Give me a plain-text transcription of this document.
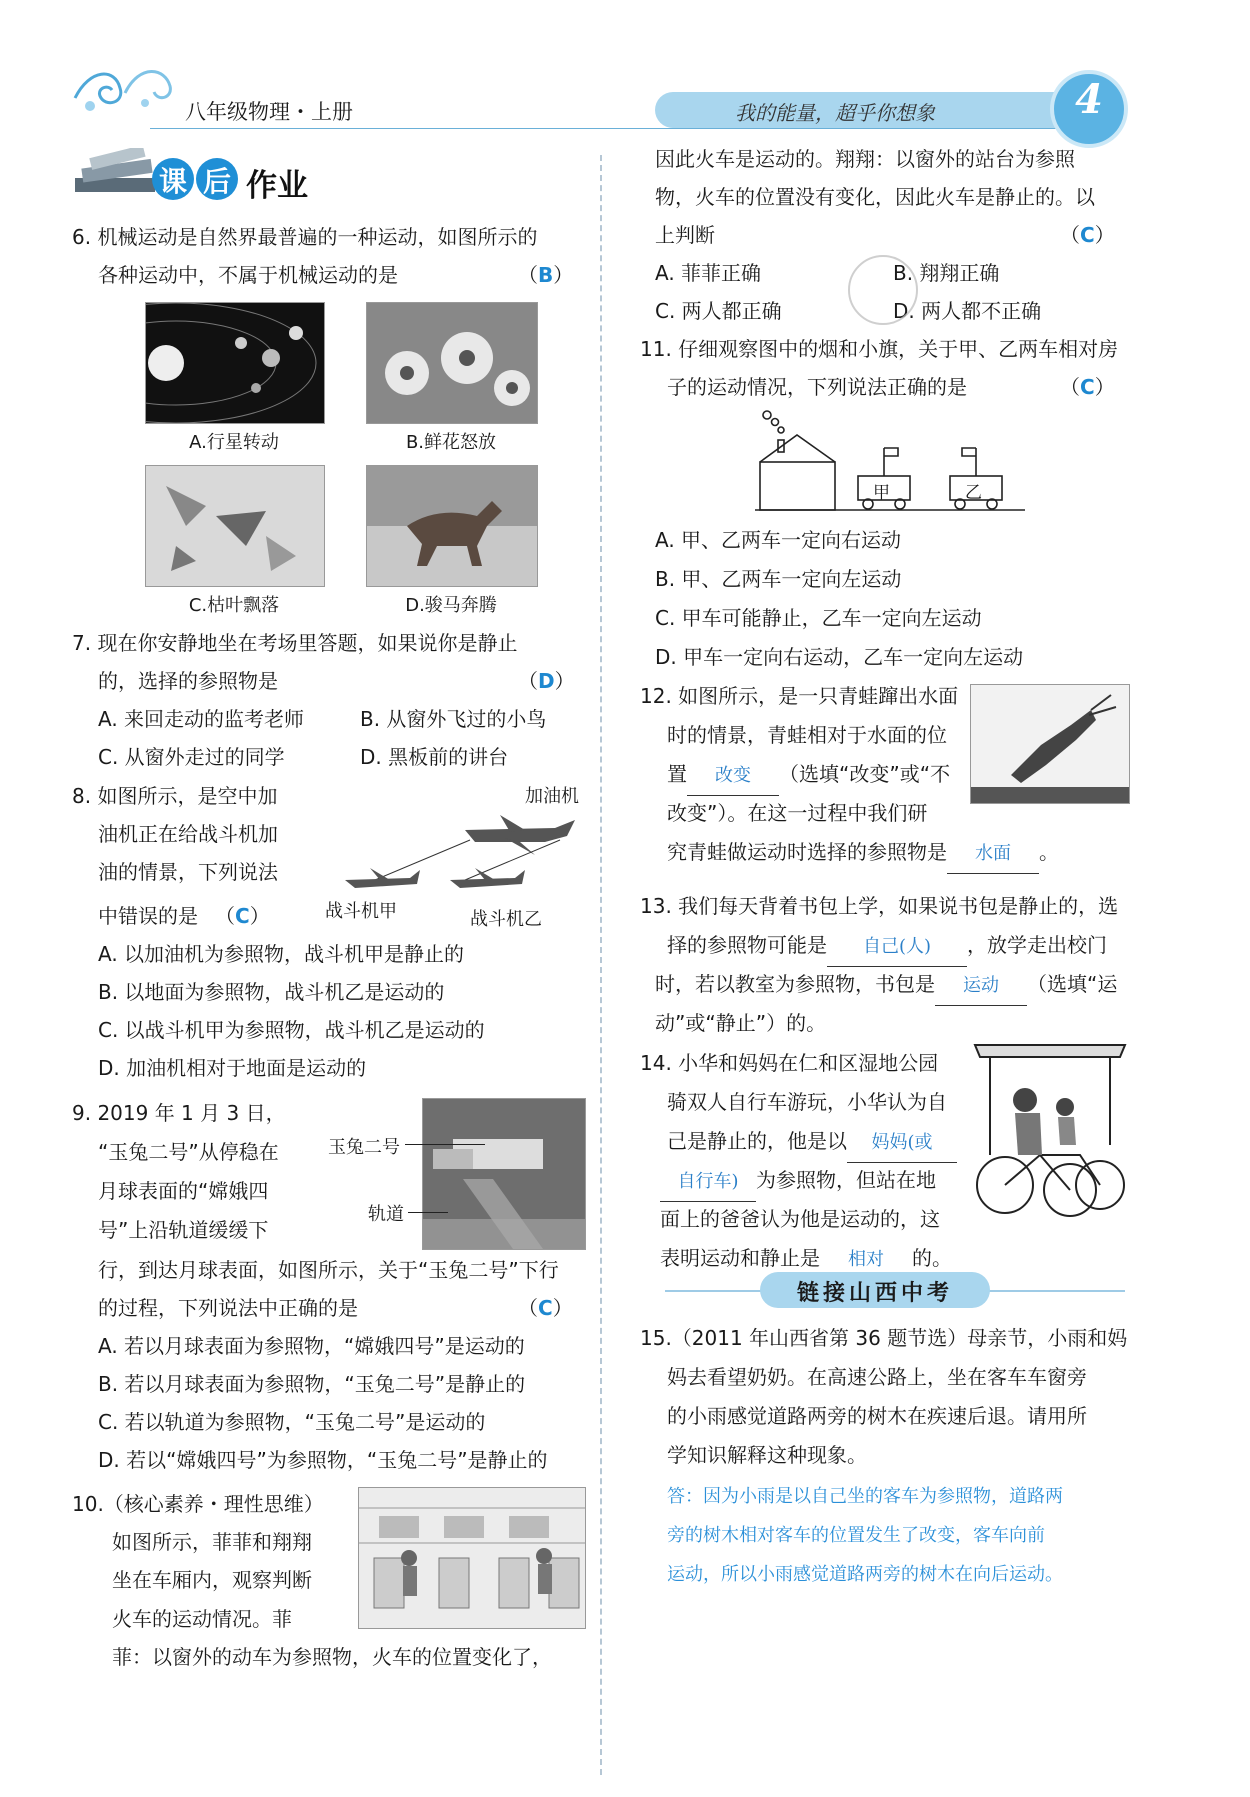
八年级物理・上册	我的能量，超乎你想象	4
课 后 作业
6. 机械运动是自然界最普遍的一种运动，如图所示的
各种运动中，不属于机械运动的是	（B）
A.行星转动	B.鲜花怒放
C.枯叶飘落	D.骏马奔腾
7. 现在你安静地坐在考场里答题，如果说你是静止
的，选择的参照物是	（D）
A. 来回走动的监考老师	B. 从窗外飞过的小鸟
C. 从窗外走过的同学	D. 黑板前的讲台
8. 如图所示，是空中加
油机正在给战斗机加
油的情景，下列说法
中错误的是 （C）
加油机
战斗机甲	战斗机乙
A. 以加油机为参照物，战斗机甲是静止的
B. 以地面为参照物，战斗机乙是运动的
C. 以战斗机甲为参照物，战斗机乙是运动的
D. 加油机相对于地面是运动的
9. 2019 年 1 月 3 日，
“玉兔二号”从停稳在
月球表面的“嫦娥四
号”上沿轨道缓缓下
玉兔二号
轨道
行，到达月球表面，如图所示，关于“玉兔二号”下行
的过程，下列说法中正确的是	（C）
A. 若以月球表面为参照物，“嫦娥四号”是运动的
B. 若以月球表面为参照物，“玉兔二号”是静止的
C. 若以轨道为参照物，“玉兔二号”是运动的
D. 若以“嫦娥四号”为参照物，“玉兔二号”是静止的
10.（核心素养・理性思维）
如图所示，菲菲和翔翔
坐在车厢内，观察判断
火车的运动情况。菲
菲：以窗外的动车为参照物，火车的位置变化了，
因此火车是运动的。翔翔：以窗外的站台为参照
物，火车的位置没有变化，因此火车是静止的。以
上判断	（C）
A. 菲菲正确	B. 翔翔正确
C. 两人都正确	D. 两人都不正确
11. 仔细观察图中的烟和小旗，关于甲、乙两车相对房
子的运动情况，下列说法正确的是	（C）
甲	乙
A. 甲、乙两车一定向右运动
B. 甲、乙两车一定向左运动
C. 甲车可能静止，乙车一定向左运动
D. 甲车一定向右运动，乙车一定向左运动
12. 如图所示，是一只青蛙蹿出水面
时的情景，青蛙相对于水面的位
置 改变 （选填“改变”或“不
改变”）。在这一过程中我们研
究青蛙做运动时选择的参照物是 水面 。
13. 我们每天背着书包上学，如果说书包是静止的，选
择的参照物可能是 自己(人) ，放学走出校门
时，若以教室为参照物，书包是 运动 （选填“运
动”或“静止”）的。
14. 小华和妈妈在仁和区湿地公园
骑双人自行车游玩，小华认为自
己是静止的，他是以 妈妈(或
自行车) 为参照物，但站在地
面上的爸爸认为他是运动的，这
表明运动和静止是 相对 的。
链接山西中考
15.（2011 年山西省第 36 题节选）母亲节，小雨和妈
妈去看望奶奶。在高速公路上，坐在客车车窗旁
的小雨感觉道路两旁的树木在疾速后退。请用所
学知识解释这种现象。
答：因为小雨是以自己坐的客车为参照物，道路两
旁的树木相对客车的位置发生了改变，客车向前
运动，所以小雨感觉道路两旁的树木在向后运动。
